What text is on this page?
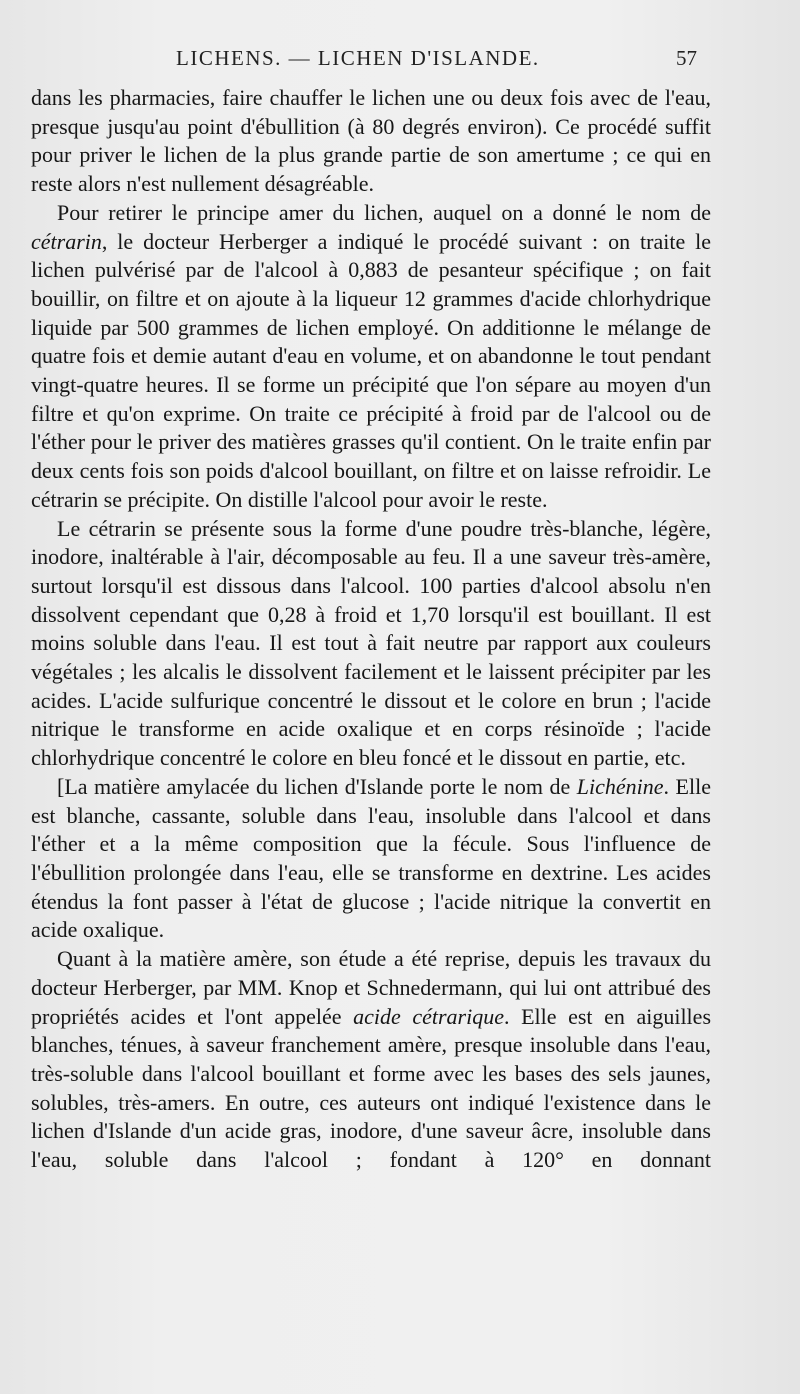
LICHENS. — LICHEN D'ISLANDE.	57

dans les pharmacies, faire chauffer le lichen une ou deux fois avec de l'eau, presque jusqu'au point d'ébullition (à 80 degrés environ). Ce procédé suffit pour priver le lichen de la plus grande partie de son amertume ; ce qui en reste alors n'est nullement désagréable.

Pour retirer le principe amer du lichen, auquel on a donné le nom de cétrarin, le docteur Herberger a indiqué le procédé suivant : on traite le lichen pulvérisé par de l'alcool à 0,883 de pesanteur spécifique ; on fait bouillir, on filtre et on ajoute à la liqueur 12 grammes d'acide chlorhydrique liquide par 500 grammes de lichen employé. On additionne le mélange de quatre fois et demie autant d'eau en volume, et on abandonne le tout pendant vingt-quatre heures. Il se forme un précipité que l'on sépare au moyen d'un filtre et qu'on exprime. On traite ce précipité à froid par de l'alcool ou de l'éther pour le priver des matières grasses qu'il contient. On le traite enfin par deux cents fois son poids d'alcool bouillant, on filtre et on laisse refroidir. Le cétrarin se précipite. On distille l'alcool pour avoir le reste.

Le cétrarin se présente sous la forme d'une poudre très-blanche, légère, inodore, inaltérable à l'air, décomposable au feu. Il a une saveur très-amère, surtout lorsqu'il est dissous dans l'alcool. 100 parties d'alcool absolu n'en dissolvent cependant que 0,28 à froid et 1,70 lorsqu'il est bouillant. Il est moins soluble dans l'eau. Il est tout à fait neutre par rapport aux couleurs végétales ; les alcalis le dissolvent facilement et le laissent précipiter par les acides. L'acide sulfurique concentré le dissout et le colore en brun ; l'acide nitrique le transforme en acide oxalique et en corps résinoïde ; l'acide chlorhydrique concentré le colore en bleu foncé et le dissout en partie, etc.

[La matière amylacée du lichen d'Islande porte le nom de Lichénine. Elle est blanche, cassante, soluble dans l'eau, insoluble dans l'alcool et dans l'éther et a la même composition que la fécule. Sous l'influence de l'ébullition prolongée dans l'eau, elle se transforme en dextrine. Les acides étendus la font passer à l'état de glucose ; l'acide nitrique la convertit en acide oxalique.

Quant à la matière amère, son étude a été reprise, depuis les travaux du docteur Herberger, par MM. Knop et Schnedermann, qui lui ont attribué des propriétés acides et l'ont appelée acide cétrarique. Elle est en aiguilles blanches, ténues, à saveur franchement amère, presque insoluble dans l'eau, très-soluble dans l'alcool bouillant et forme avec les bases des sels jaunes, solubles, très-amers. En outre, ces auteurs ont indiqué l'existence dans le lichen d'Islande d'un acide gras, inodore, d'une saveur âcre, insoluble dans l'eau, soluble dans l'alcool ; fondant à 120° en donnant
